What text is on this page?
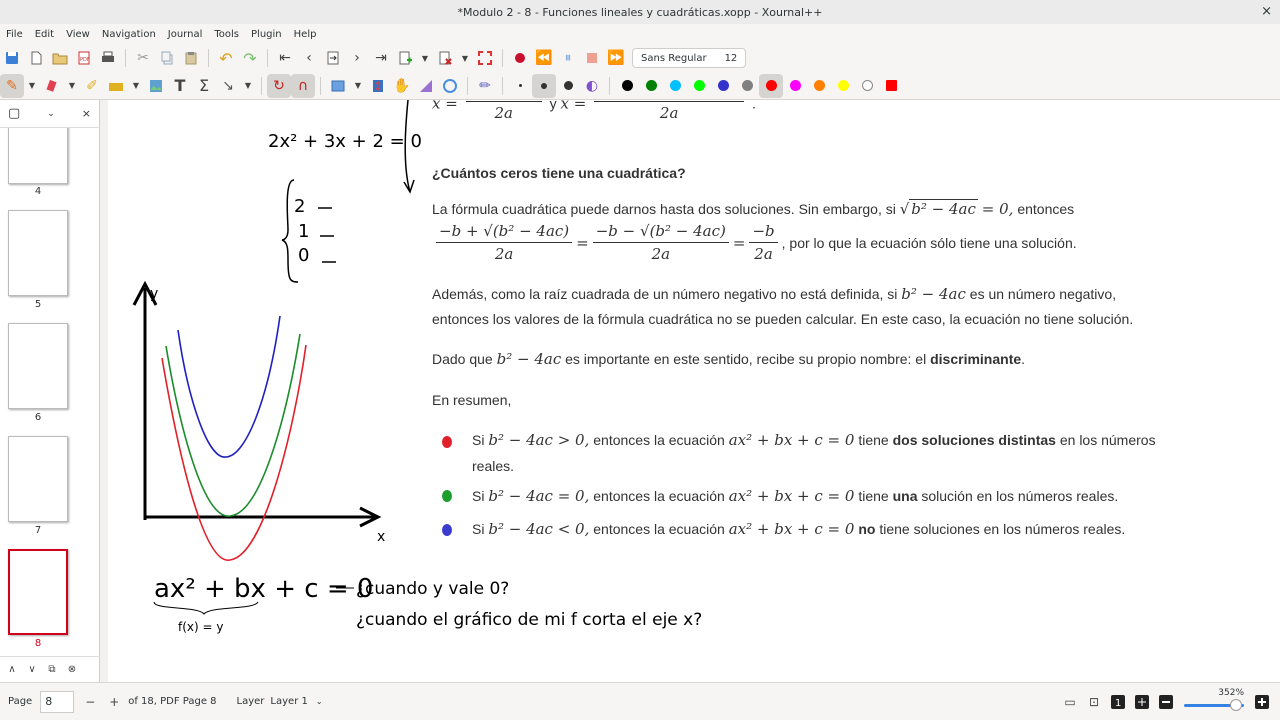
*Modulo 2 - 8 - Funciones lineales y cuadráticas.xopp - Xournal++	×
File	Edit	View	Navigation	Journal	Tools	Plugin	Help
PDF	✂	↶ ↷	⇤	‹	›	⇥	▼	▼	⏪ ⏸	⏩	Sans Regular 12
✎	▼	▼ ✐	▼	T Σ ↘	▼	↻ ∩	▼	✋	✏	◐
▢	⌄ ×
4
5
6
7
8
∧	∨	⧉	⊗
x =
2a
y x =
2a
.
¿Cuántos ceros tiene una cuadrática?
La fórmula cuadrática puede darnos hasta dos soluciones. Sin embargo, si √ b² − 4ac = 0, entonces
$\frac{\text{−b + √(b² − 4ac)}}{2a} = \frac{\text{−b − √(b² − 4ac)}}{2a} = \frac{-b}{2a}$ , por lo que la ecuación sólo tiene una solución.
Además, como la raíz cuadrada de un número negativo no está definida, si b² − 4ac es un número negativo,
entonces los valores de la fórmula cuadrática no se pueden calcular. En este caso, la ecuación no tiene solución.
Dado que b² − 4ac es importante en este sentido, recibe su propio nombre: el discriminante.
En resumen,
Si b² − 4ac > 0, entonces la ecuación ax² + bx + c = 0 tiene dos soluciones distintas en los números
reales.
Si b² − 4ac = 0, entonces la ecuación ax² + bx + c = 0 tiene una solución en los números reales.
Si b² − 4ac < 0, entonces la ecuación ax² + bx + c = 0 no tiene soluciones en los números reales.
2x² + 3x + 2 = 0
2
1
0
y
x
ax² + bx + c = 0
f(x) = y
¿cuando y vale 0?
¿cuando el gráfico de mi f corta el eje x?
Page	8	− + of 18, PDF Page 8 Layer Layer 1 ⌄	▭	⊡	1
352%
